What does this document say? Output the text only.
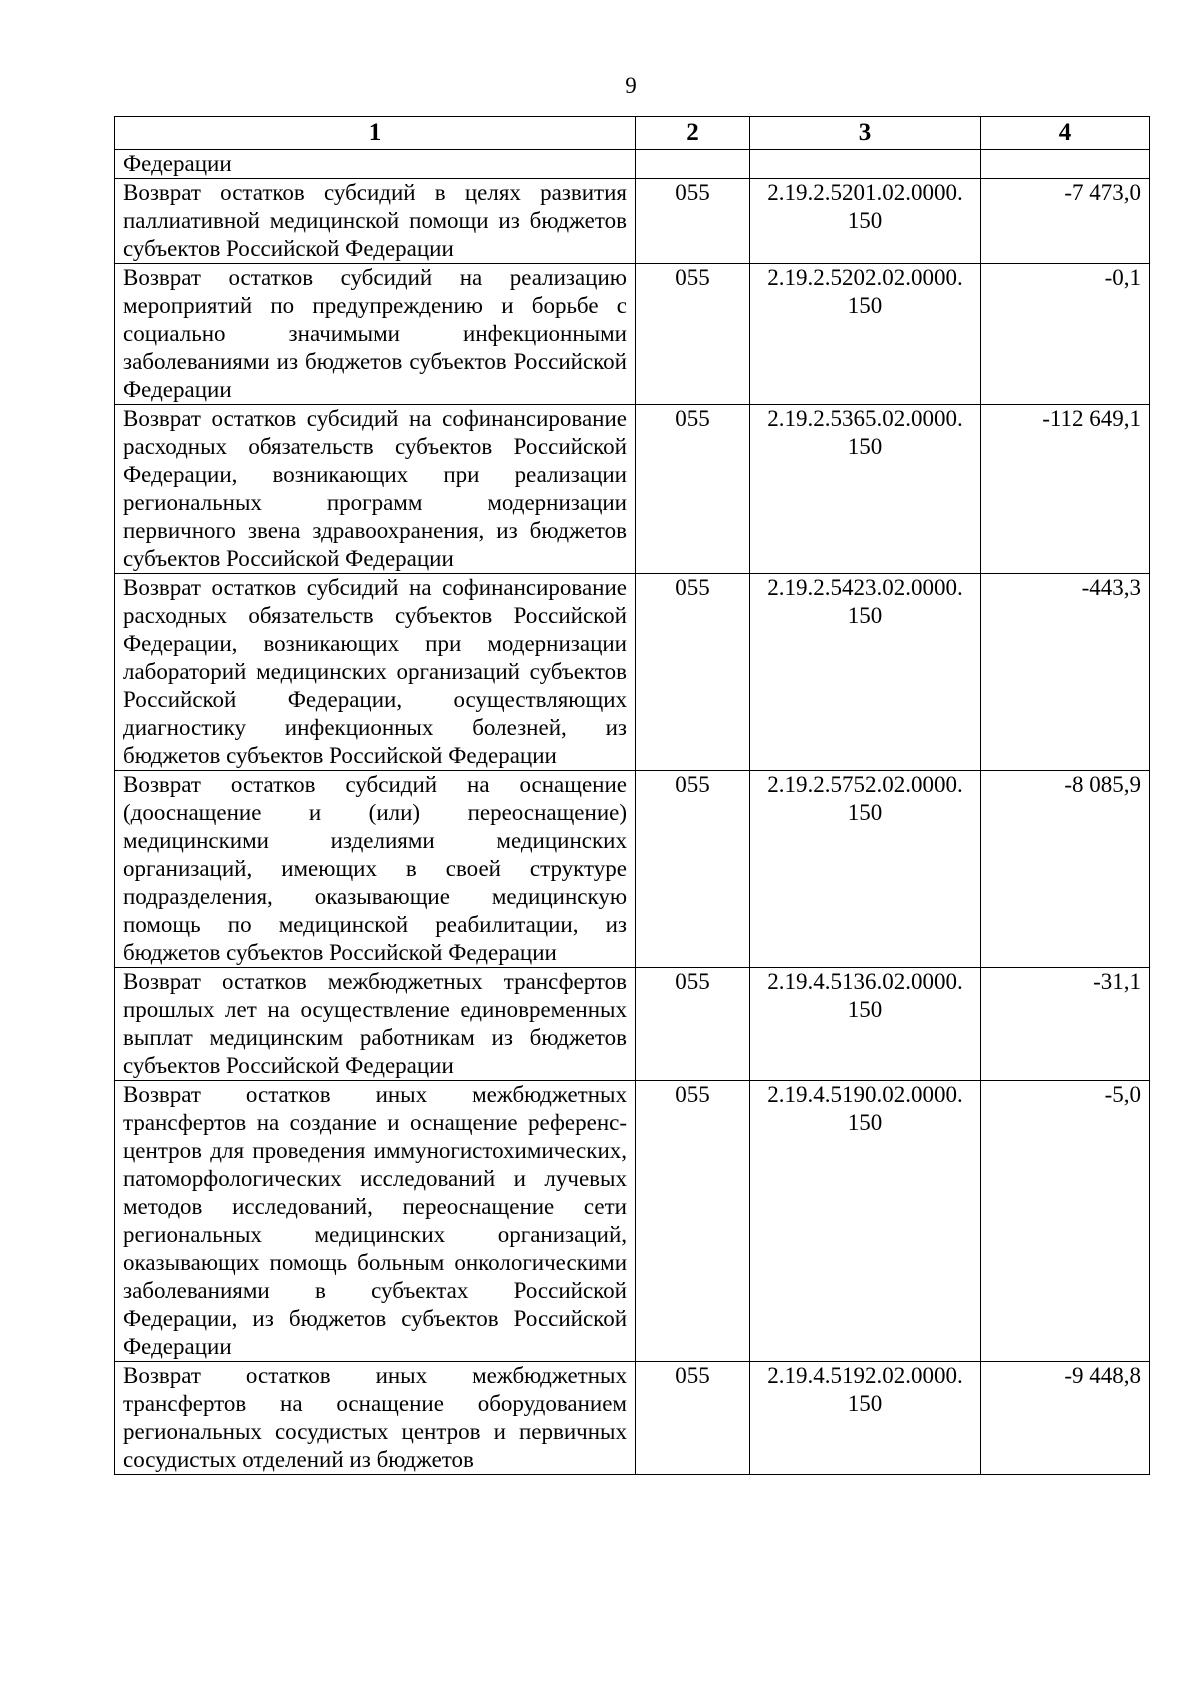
9
1	2	3	4
Федерации			
Возврат остатков субсидий в целях развития паллиативной медицинской помощи из бюджетов субъектов Российской Федерации	055	2.19.2.5201.02.0000. 150	-7 473,0
Возврат остатков субсидий на реализацию мероприятий по предупреждению и борьбе с социально значимыми инфекционными заболеваниями из бюджетов субъектов Российской Федерации	055	2.19.2.5202.02.0000. 150	-0,1
Возврат остатков субсидий на софинансирование расходных обязательств субъектов Российской Федерации, возникающих при реализации региональных программ модернизации первичного звена здравоохранения, из бюджетов субъектов Российской Федерации	055	2.19.2.5365.02.0000. 150	-112 649,1
Возврат остатков субсидий на софинансирование расходных обязательств субъектов Российской Федерации, возникающих при модернизации лабораторий медицинских организаций субъектов Российской Федерации, осуществляющих диагностику инфекционных болезней, из бюджетов субъектов Российской Федерации	055	2.19.2.5423.02.0000. 150	-443,3
Возврат остатков субсидий на оснащение (дооснащение и (или) переоснащение) медицинскими изделиями медицинских организаций, имеющих в своей структуре подразделения, оказывающие медицинскую помощь по медицинской реабилитации, из бюджетов субъектов Российской Федерации	055	2.19.2.5752.02.0000. 150	-8 085,9
Возврат остатков межбюджетных трансфертов прошлых лет на осуществление единовременных выплат медицинским работникам из бюджетов субъектов Российской Федерации	055	2.19.4.5136.02.0000. 150	-31,1
Возврат остатков иных межбюджетных трансфертов на создание и оснащение референс-центров для проведения иммуногистохимических, патоморфологических исследований и лучевых методов исследований, переоснащение сети региональных медицинских организаций, оказывающих помощь больным онкологическими заболеваниями в субъектах Российской Федерации, из бюджетов субъектов Российской Федерации	055	2.19.4.5190.02.0000. 150	-5,0
Возврат остатков иных межбюджетных трансфертов на оснащение оборудованием региональных сосудистых центров и первичных сосудистых отделений из бюджетов	055	2.19.4.5192.02.0000. 150	-9 448,8
